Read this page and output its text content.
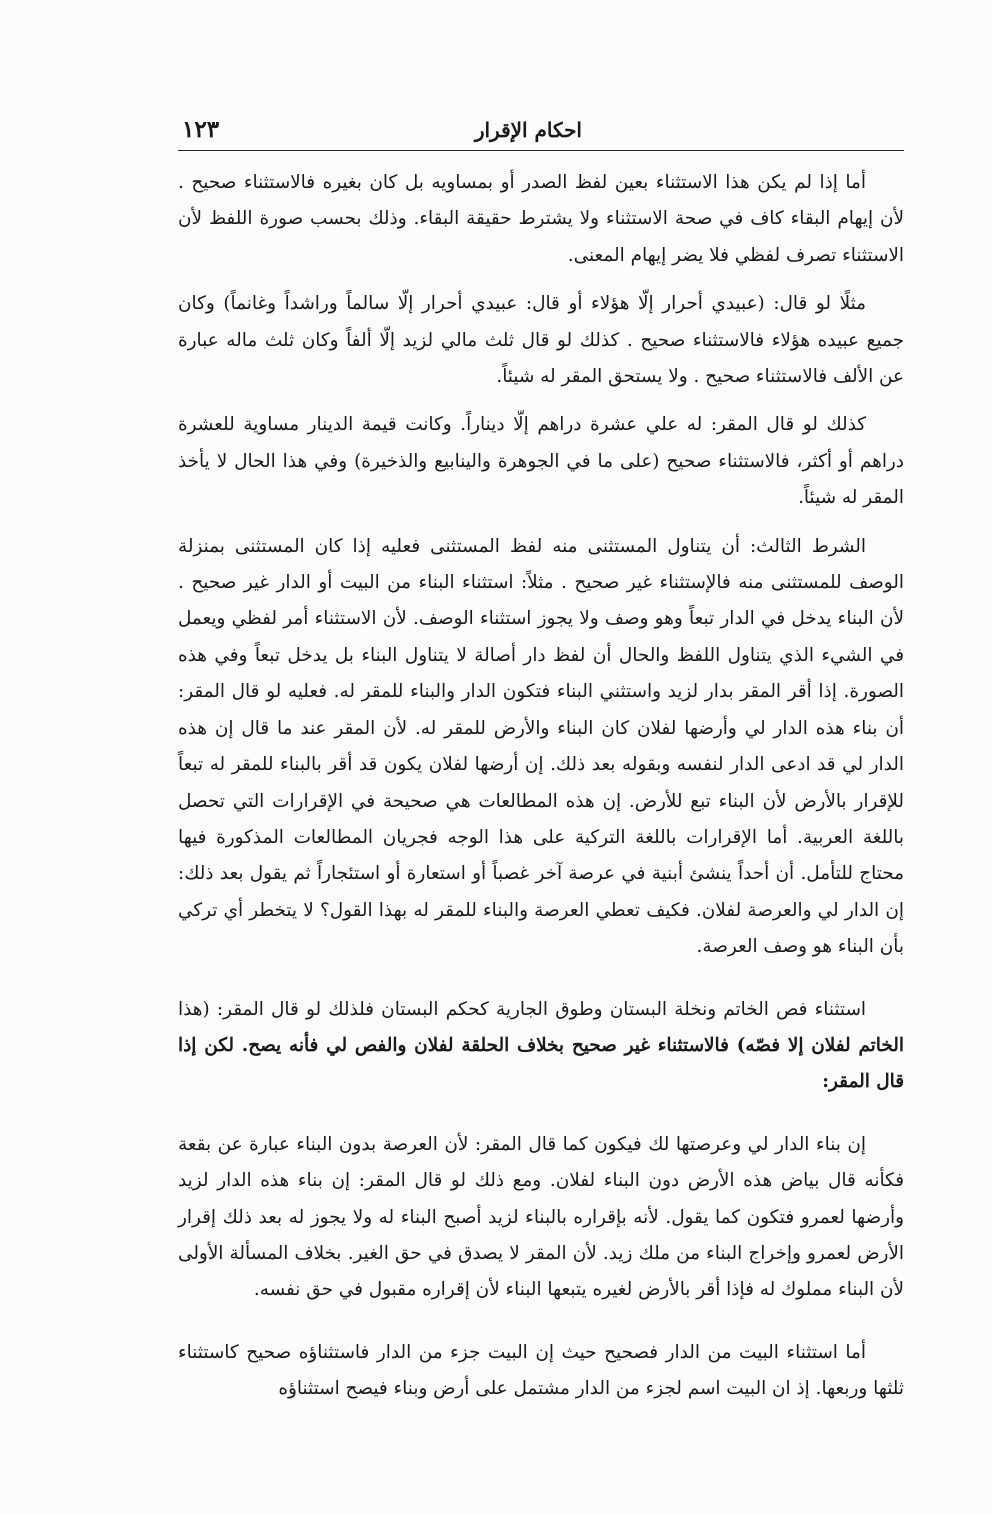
احكام الإقرار
١٢٣

أما إذا لم يكن هذا الاستثناء بعين لفظ الصدر أو بمساويه بل كان بغيره فالاستثناء صحيح . لأن إيهام البقاء كاف في صحة الاستثناء ولا يشترط حقيقة البقاء. وذلك بحسب صورة اللفظ لأن الاستثناء تصرف لفظي فلا يضر إيهام المعنى.

مثلًا لو قال: (عبيدي أحرار إلّا هؤلاء أو قال: عبيدي أحرار إلّا سالماً وراشداً وغانماً) وكان جميع عبيده هؤلاء فالاستثناء صحيح . كذلك لو قال ثلث مالي لزيد إلّا ألفاً وكان ثلث ماله عبارة عن الألف فالاستثناء صحيح . ولا يستحق المقر له شيئاً.

كذلك لو قال المقر: له علي عشرة دراهم إلّا ديناراً. وكانت قيمة الدينار مساوية للعشرة دراهم أو أكثر، فالاستثناء صحيح (على ما في الجوهرة والينابيع والذخيرة) وفي هذا الحال لا يأخذ المقر له شيئاً.

الشرط الثالث: أن يتناول المستثنى منه لفظ المستثنى فعليه إذا كان المستثنى بمنزلة الوصف للمستثنى منه فالإستثناء غير صحيح . مثلاً: استثناء البناء من البيت أو الدار غير صحيح . لأن البناء يدخل في الدار تبعاً وهو وصف ولا يجوز استثناء الوصف. لأن الاستثناء أمر لفظي ويعمل في الشيء الذي يتناول اللفظ والحال أن لفظ دار أصالة لا يتناول البناء بل يدخل تبعاً وفي هذه الصورة. إذا أقر المقر بدار لزيد واستثني البناء فتكون الدار والبناء للمقر له. فعليه لو قال المقر: أن بناء هذه الدار لي وأرضها لفلان كان البناء والأرض للمقر له. لأن المقر عند ما قال إن هذه الدار لي قد ادعى الدار لنفسه وبقوله بعد ذلك. إن أرضها لفلان يكون قد أقر بالبناء للمقر له تبعاً للإقرار بالأرض لأن البناء تبع للأرض. إن هذه المطالعات هي صحيحة في الإقرارات التي تحصل باللغة العربية. أما الإقرارات باللغة التركية على هذا الوجه فجريان المطالعات المذكورة فيها محتاج للتأمل. أن أحداً ينشئ أبنية في عرصة آخر غصباً أو استعارة أو استئجاراً ثم يقول بعد ذلك: إن الدار لي والعرصة لفلان. فكيف تعطي العرصة والبناء للمقر له بهذا القول؟ لا يتخطر أي تركي بأن البناء هو وصف العرصة.

استثناء فص الخاتم ونخلة البستان وطوق الجارية كحكم البستان فلذلك لو قال المقر: (هذا الخاتم لفلان إلا فصّه) فالاستثناء غير صحيح بخلاف الحلقة لفلان والفص لي فأنه يصح. لكن إذا قال المقر:

إن بناء الدار لي وعرصتها لك فيكون كما قال المقر: لأن العرصة بدون البناء عبارة عن بقعة فكأنه قال بياض هذه الأرض دون البناء لفلان. ومع ذلك لو قال المقر: إن بناء هذه الدار لزيد وأرضها لعمرو فتكون كما يقول. لأنه بإقراره بالبناء لزيد أصبح البناء له ولا يجوز له بعد ذلك إقرار الأرض لعمرو وإخراج البناء من ملك زيد. لأن المقر لا يصدق في حق الغير. بخلاف المسألة الأولى لأن البناء مملوك له فإذا أقر بالأرض لغيره يتبعها البناء لأن إقراره مقبول في حق نفسه.

أما استثناء البيت من الدار فصحيح حيث إن البيت جزء من الدار فاستثناؤه صحيح كاستثناء ثلثها وربعها. إذ ان البيت اسم لجزء من الدار مشتمل على أرض وبناء فيصح استثناؤه
